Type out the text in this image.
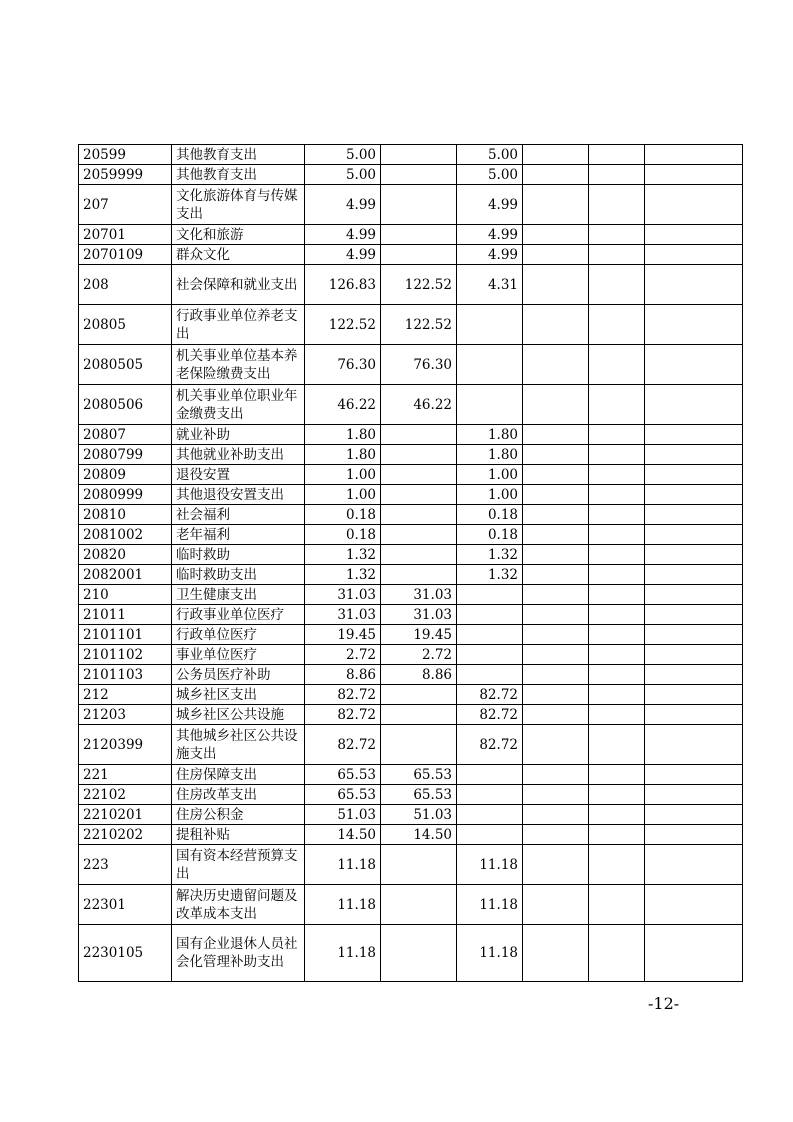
20599	其他教育支出	5.00		5.00			
2059999	其他教育支出	5.00		5.00			
207	文化旅游体育与传媒支出	4.99		4.99			
20701	文化和旅游	4.99		4.99			
2070109	群众文化	4.99		4.99			
208	社会保障和就业支出	126.83	122.52	4.31			
20805	行政事业单位养老支出	122.52	122.52				
2080505	机关事业单位基本养老保险缴费支出	76.30	76.30				
2080506	机关事业单位职业年金缴费支出	46.22	46.22				
20807	就业补助	1.80		1.80			
2080799	其他就业补助支出	1.80		1.80			
20809	退役安置	1.00		1.00			
2080999	其他退役安置支出	1.00		1.00			
20810	社会福利	0.18		0.18			
2081002	老年福利	0.18		0.18			
20820	临时救助	1.32		1.32			
2082001	临时救助支出	1.32		1.32			
210	卫生健康支出	31.03	31.03				
21011	行政事业单位医疗	31.03	31.03				
2101101	行政单位医疗	19.45	19.45				
2101102	事业单位医疗	2.72	2.72				
2101103	公务员医疗补助	8.86	8.86				
212	城乡社区支出	82.72		82.72			
21203	城乡社区公共设施	82.72		82.72			
2120399	其他城乡社区公共设施支出	82.72		82.72			
221	住房保障支出	65.53	65.53				
22102	住房改革支出	65.53	65.53				
2210201	住房公积金	51.03	51.03				
2210202	提租补贴	14.50	14.50				
223	国有资本经营预算支出	11.18		11.18			
22301	解决历史遗留问题及改革成本支出	11.18		11.18			
2230105	国有企业退休人员社会化管理补助支出	11.18		11.18			
-12-
